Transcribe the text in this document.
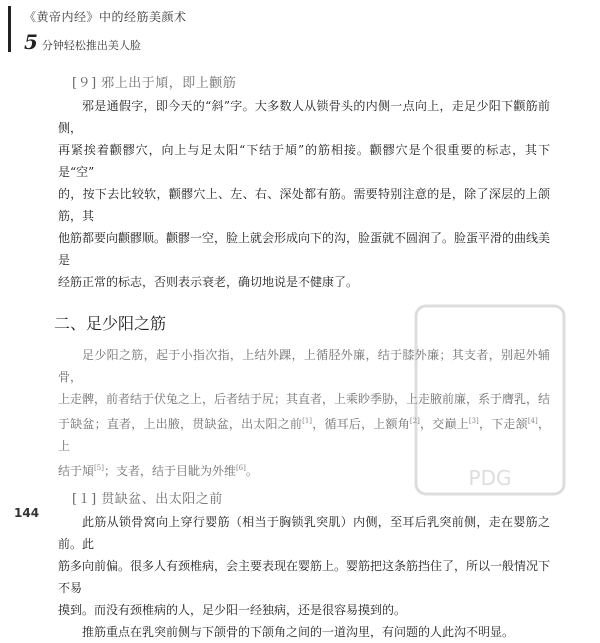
《黄帝内经》中的经筋美颜术
5 分钟轻松推出美人脸
[９] 邪上出于頄，即上颧筋

邪是通假字，即今天的“斜”字。大多数人从锁骨头的内侧一点向上，走足少阳下颧筋前侧，

再紧挨着颧髎穴，向上与足太阳“下结于頄”的筋相接。颧髎穴是个很重要的标志，其下是“空”

的，按下去比较软，颧髎穴上、左、右、深处都有筋。需要特别注意的是，除了深层的上颌筋，其

他筋都要向颧髎顺。颧髎一空，脸上就会形成向下的沟，脸蛋就不圆润了。脸蛋平滑的曲线美是

经筋正常的标志，否则表示衰老，确切地说是不健康了。

二、足少阳之筋

足少阳之筋，起于小指次指，上结外踝，上循胫外廉，结于膝外廉；其支者，别起外辅骨，

上走髀，前者结于伏兔之上，后者结于尻；其直者，上乘眇季胁，上走腋前廉，系于膺乳，结

于缺盆；直者，上出腋，贯缺盆，出太阳之前[1]，循耳后，上额角[2]，交巅上[3]，下走颔[4]，上

结于頄[5]；支者，结于目眦为外维[6]。

[１] 贯缺盆、出太阳之前

此筋从锁骨窝向上穿行婴筋（相当于胸锁乳突肌）内侧，至耳后乳突前侧，走在婴筋之前。此

筋多向前偏。很多人有颈椎病，会主要表现在婴筋上。婴筋把这条筋挡住了，所以一般情况下不易

摸到。而没有颈椎病的人，足少阳一经独病，还是很容易摸到的。

推筋重点在乳突前侧与下颌骨的下颌角之间的一道沟里，有问题的人此沟不明显。

PDG
144
